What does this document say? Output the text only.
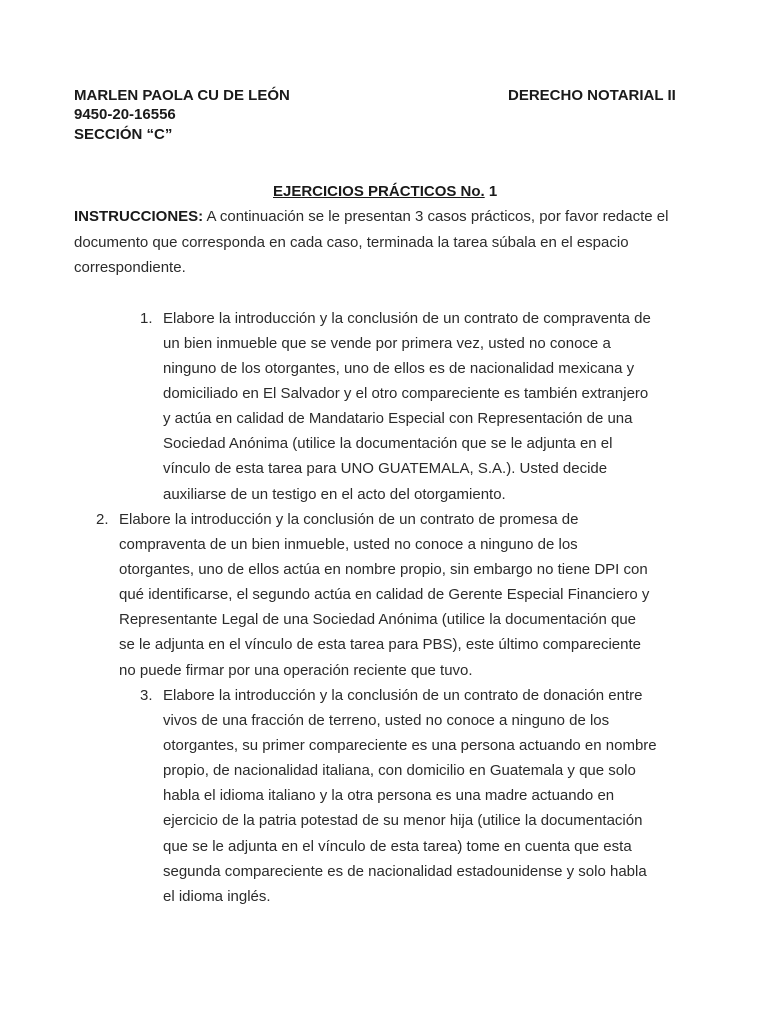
MARLEN PAOLA CU DE LEÓN	DERECHO NOTARIAL II
9450-20-16556
SECCIÓN “C”
EJERCICIOS PRÁCTICOS No. 1
INSTRUCCIONES: A continuación se le presentan 3 casos prácticos, por favor redacte el
documento que corresponda en cada caso, terminada la tarea súbala en el espacio
correspondiente.
1. Elabore la introducción y la conclusión de un contrato de compraventa de
un bien inmueble que se vende por primera vez, usted no conoce a
ninguno de los otorgantes, uno de ellos es de nacionalidad mexicana y
domiciliado en El Salvador y el otro compareciente es también extranjero
y actúa en calidad de Mandatario Especial con Representación de una
Sociedad Anónima (utilice la documentación que se le adjunta en el
vínculo de esta tarea para UNO GUATEMALA, S.A.). Usted decide
auxiliarse de un testigo en el acto del otorgamiento.
2. Elabore la introducción y la conclusión de un contrato de promesa de
compraventa de un bien inmueble, usted no conoce a ninguno de los
otorgantes, uno de ellos actúa en nombre propio, sin embargo no tiene DPI con
qué identificarse, el segundo actúa en calidad de Gerente Especial Financiero y
Representante Legal de una Sociedad Anónima (utilice la documentación que
se le adjunta en el vínculo de esta tarea para PBS), este último compareciente
no puede firmar por una operación reciente que tuvo.
3. Elabore la introducción y la conclusión de un contrato de donación entre
vivos de una fracción de terreno, usted no conoce a ninguno de los
otorgantes, su primer compareciente es una persona actuando en nombre
propio, de nacionalidad italiana, con domicilio en Guatemala y que solo
habla el idioma italiano y la otra persona es una madre actuando en
ejercicio de la patria potestad de su menor hija (utilice la documentación
que se le adjunta en el vínculo de esta tarea) tome en cuenta que esta
segunda compareciente es de nacionalidad estadounidense y solo habla
el idioma inglés.
